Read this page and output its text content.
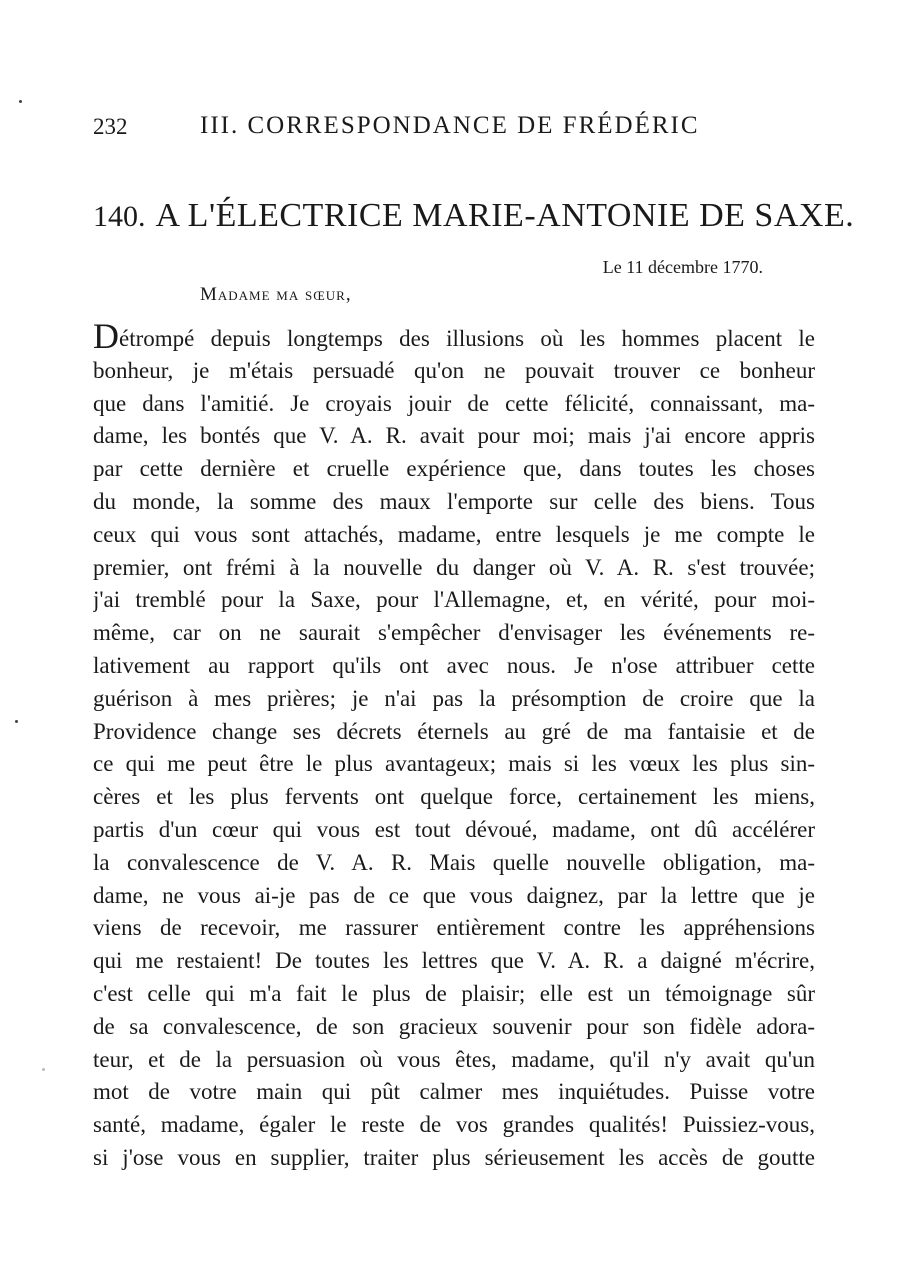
232	III. CORRESPONDANCE DE FRÉDÉRIC
140. A L'ÉLECTRICE MARIE-ANTONIE DE SAXE.
Le 11 décembre 1770.
Madame ma sœur,
Détrompé depuis longtemps des illusions où les hommes placent le
bonheur, je m'étais persuadé qu'on ne pouvait trouver ce bonheur
que dans l'amitié. Je croyais jouir de cette félicité, connaissant, ma-
dame, les bontés que V. A. R. avait pour moi; mais j'ai encore appris
par cette dernière et cruelle expérience que, dans toutes les choses
du monde, la somme des maux l'emporte sur celle des biens. Tous
ceux qui vous sont attachés, madame, entre lesquels je me compte le
premier, ont frémi à la nouvelle du danger où V. A. R. s'est trouvée;
j'ai tremblé pour la Saxe, pour l'Allemagne, et, en vérité, pour moi-
même, car on ne saurait s'empêcher d'envisager les événements re-
lativement au rapport qu'ils ont avec nous. Je n'ose attribuer cette
guérison à mes prières; je n'ai pas la présomption de croire que la
Providence change ses décrets éternels au gré de ma fantaisie et de
ce qui me peut être le plus avantageux; mais si les vœux les plus sin-
cères et les plus fervents ont quelque force, certainement les miens,
partis d'un cœur qui vous est tout dévoué, madame, ont dû accélérer
la convalescence de V. A. R. Mais quelle nouvelle obligation, ma-
dame, ne vous ai-je pas de ce que vous daignez, par la lettre que je
viens de recevoir, me rassurer entièrement contre les appréhensions
qui me restaient! De toutes les lettres que V. A. R. a daigné m'écrire,
c'est celle qui m'a fait le plus de plaisir; elle est un témoignage sûr
de sa convalescence, de son gracieux souvenir pour son fidèle adora-
teur, et de la persuasion où vous êtes, madame, qu'il n'y avait qu'un
mot de votre main qui pût calmer mes inquiétudes. Puisse votre
santé, madame, égaler le reste de vos grandes qualités! Puissiez-vous,
si j'ose vous en supplier, traiter plus sérieusement les accès de goutte
